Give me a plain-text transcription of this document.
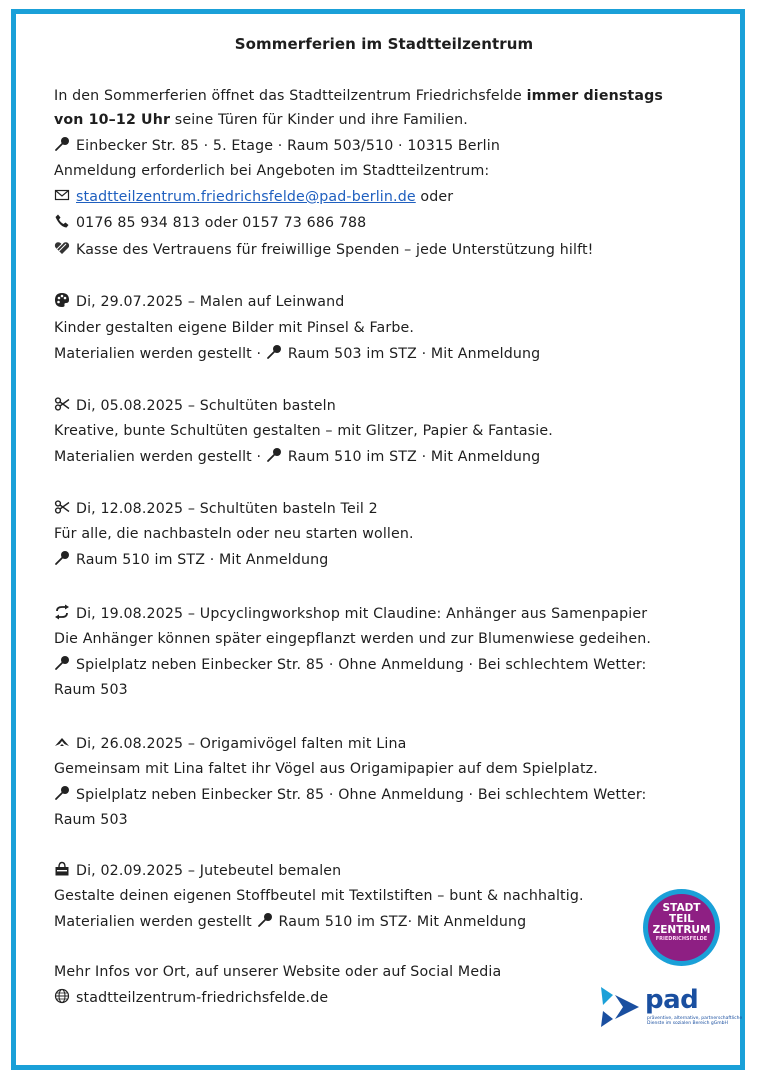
Sommerferien im Stadtteilzentrum
In den Sommerferien öffnet das Stadtteilzentrum Friedrichsfelde immer dienstags
von 10–12 Uhr seine Türen für Kinder und ihre Familien.
Einbecker Str. 85 · 5. Etage · Raum 503/510 · 10315 Berlin
Anmeldung erforderlich bei Angeboten im Stadtteilzentrum:
stadtteilzentrum.friedrichsfelde@pad-berlin.de oder
0176 85 934 813 oder 0157 73 686 788
Kasse des Vertrauens für freiwillige Spenden – jede Unterstützung hilft!
Di, 29.07.2025 – Malen auf Leinwand
Kinder gestalten eigene Bilder mit Pinsel & Farbe.
Materialien werden gestellt ·
Raum 503 im STZ · Mit Anmeldung
Di, 05.08.2025 – Schultüten basteln
Kreative, bunte Schultüten gestalten – mit Glitzer, Papier & Fantasie.
Materialien werden gestellt ·
Raum 510 im STZ · Mit Anmeldung
Di, 12.08.2025 – Schultüten basteln Teil 2
Für alle, die nachbasteln oder neu starten wollen.
Raum 510 im STZ · Mit Anmeldung
Di, 19.08.2025 – Upcyclingworkshop mit Claudine: Anhänger aus Samenpapier
Die Anhänger können später eingepflanzt werden und zur Blumenwiese gedeihen.
Spielplatz neben Einbecker Str. 85 · Ohne Anmeldung · Bei schlechtem Wetter:
Raum 503
Di, 26.08.2025 – Origamivögel falten mit Lina
Gemeinsam mit Lina faltet ihr Vögel aus Origamipapier auf dem Spielplatz.
Spielplatz neben Einbecker Str. 85 · Ohne Anmeldung · Bei schlechtem Wetter:
Raum 503
Di, 02.09.2025 – Jutebeutel bemalen
Gestalte deinen eigenen Stoffbeutel mit Textilstiften – bunt & nachhaltig.
Materialien werden gestellt
Raum 510 im STZ· Mit Anmeldung
Mehr Infos vor Ort, auf unserer Website oder auf Social Media
stadtteilzentrum-friedrichsfelde.de
STADT
TEIL
ZENTRUM
FRIEDRICHSFELDE
pad
präventive, alternative, partnerschaftliche
Dienste im sozialen Bereich gGmbH
